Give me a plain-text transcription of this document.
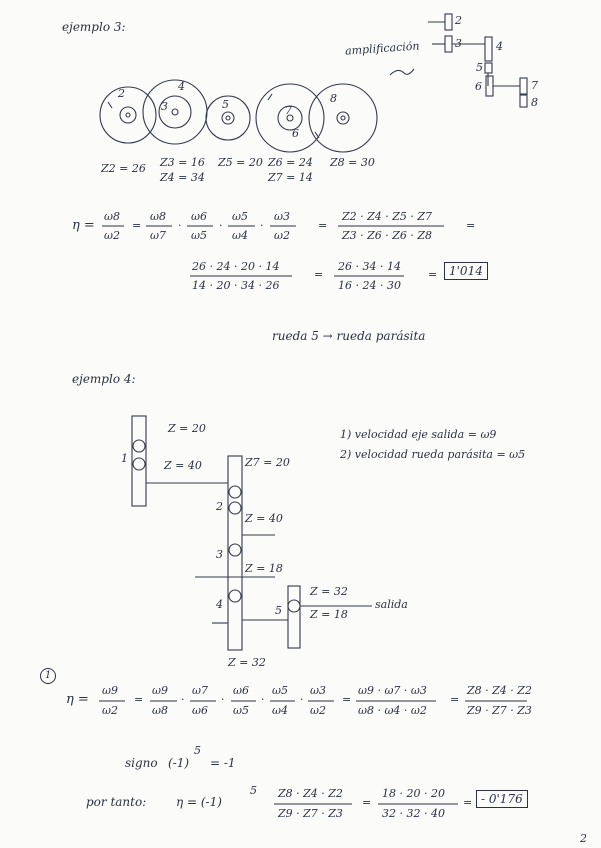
ejemplo 3:
amplificación
2
4
3	5	7
6
8
2
3	4
5
6	7
8
Z2 = 26 Z3 = 16
Z4 = 34
Z5 = 20 Z6 = 24
Z7 = 14
Z8 = 30
η =
ω8
ω2
=
ω8
ω7
·
ω6
ω5
·
ω5
ω4
·
ω3
ω2
=
Z2 · Z4 · Z5 · Z7
Z3 · Z6 · Z6 · Z8
=
26 · 24 · 20 · 14
14 · 20 · 34 · 26
=
26 · 34 · 14
16 · 24 · 30
= 1'014
rueda 5 → rueda parásita
ejemplo 4:
1) velocidad eje salida = ω9
2) velocidad rueda parásita = ω5
Z = 20
Z = 40	Z7 = 20
Z = 40
Z = 18
Z = 32
Z = 18
Z = 32
salida
1
2
3
4	5
1
η =
ω9
ω2
=
ω9
ω8
·
ω7
ω6
·
ω6
ω5
·
ω5
ω4
·
ω3
ω2
=
ω9 · ω7 · ω3
ω8 · ω4 · ω2
=
Z8 · Z4 · Z2
Z9 · Z7 · Z3
signo (-1)
5
= -1
por tanto: η = (-1)
5 Z8 · Z4 · Z2
Z9 · Z7 · Z3
=
18 · 20 · 20
32 · 32 · 40
= - 0'176
2
